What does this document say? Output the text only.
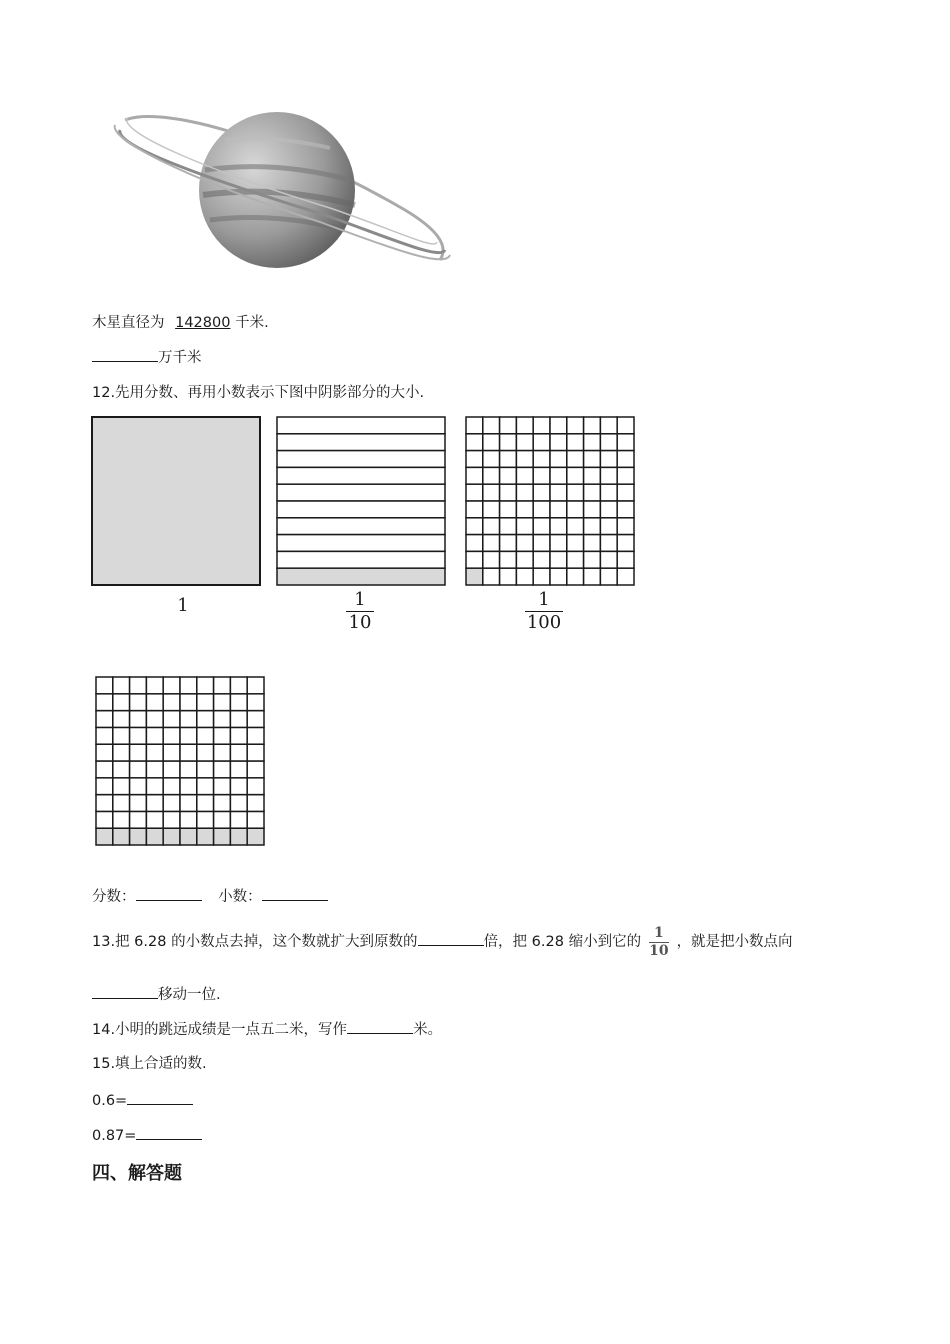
木星直径为 142800 千米.
万千米
12.先用分数、再用小数表示下图中阴影部分的大小.
1	1
10
1
100
分数：	小数：
13.把 6.28 的小数点去掉，这个数就扩大到原数的	倍，把 6.28 缩小到它的 $\frac{1}{10}$ ，就是把小数点向
移动一位.
14.小明的跳远成绩是一点五二米，写作	米。
15.填上合适的数.
0.6=
0.87=
四、解答题
